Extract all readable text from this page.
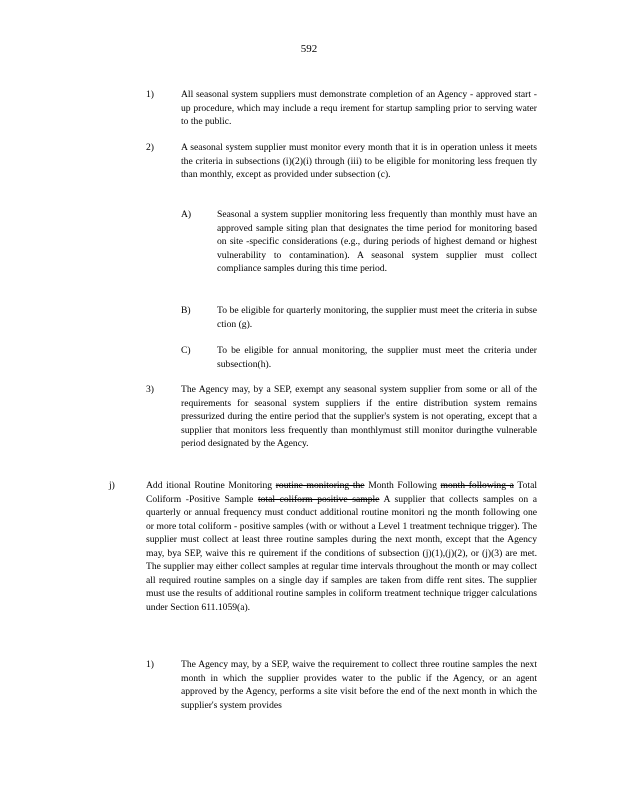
592
1)	All seasonal system suppliers must demonstrate completion of an Agency - approved start -up procedure, which may include a requ irement for startup sampling prior to serving water to the public.
2)	A seasonal system supplier must monitor every month that it is in operation unless it meets the criteria in subsections (i)(2)(i) through (iii) to be eligible for monitoring less frequen tly than monthly, except as provided under subsection (c).
A)	Seasonal a system supplier monitoring less frequently than monthly must have an approved sample siting plan that designates the time period for monitoring based on site -specific considerations (e.g., during periods of highest demand or highest vulnerability to contamination). A seasonal system supplier must collect compliance samples during this time period.
B)	To be eligible for quarterly monitoring, the supplier must meet the criteria in subse ction (g).
C)	To be eligible for annual monitoring, the supplier must meet the criteria under subsection(h).
3)	The Agency may, by a SEP, exempt any seasonal system supplier from some or all of the requirements for seasonal system suppliers if the entire distribution system remains pressurized during the entire period that the supplier's system is not operating, except that a supplier that monitors less frequently than monthlymust still monitor duringthe vulnerable period designated by the Agency.
j)	Add itional Routine Monitoring routine monitoring the Month Following month following a Total Coliform -Positive Sample total coliform positive sample A supplier that collects samples on a quarterly or annual frequency must conduct additional routine monitori ng the month following one or more total coliform - positive samples (with or without a Level 1 treatment technique trigger). The supplier must collect at least three routine samples during the next month, except that the Agency may, bya SEP, waive this re quirement if the conditions of subsection (j)(1),(j)(2), or (j)(3) are met. The supplier may either collect samples at regular time intervals throughout the month or may collect all required routine samples on a single day if samples are taken from diffe rent sites. The supplier must use the results of additional routine samples in coliform treatment technique trigger calculations under Section 611.1059(a).
1)	The Agency may, by a SEP, waive the requirement to collect three routine samples the next month in which the supplier provides water to the public if the Agency, or an agent approved by the Agency, performs a site visit before the end of the next month in which the supplier's system provides
